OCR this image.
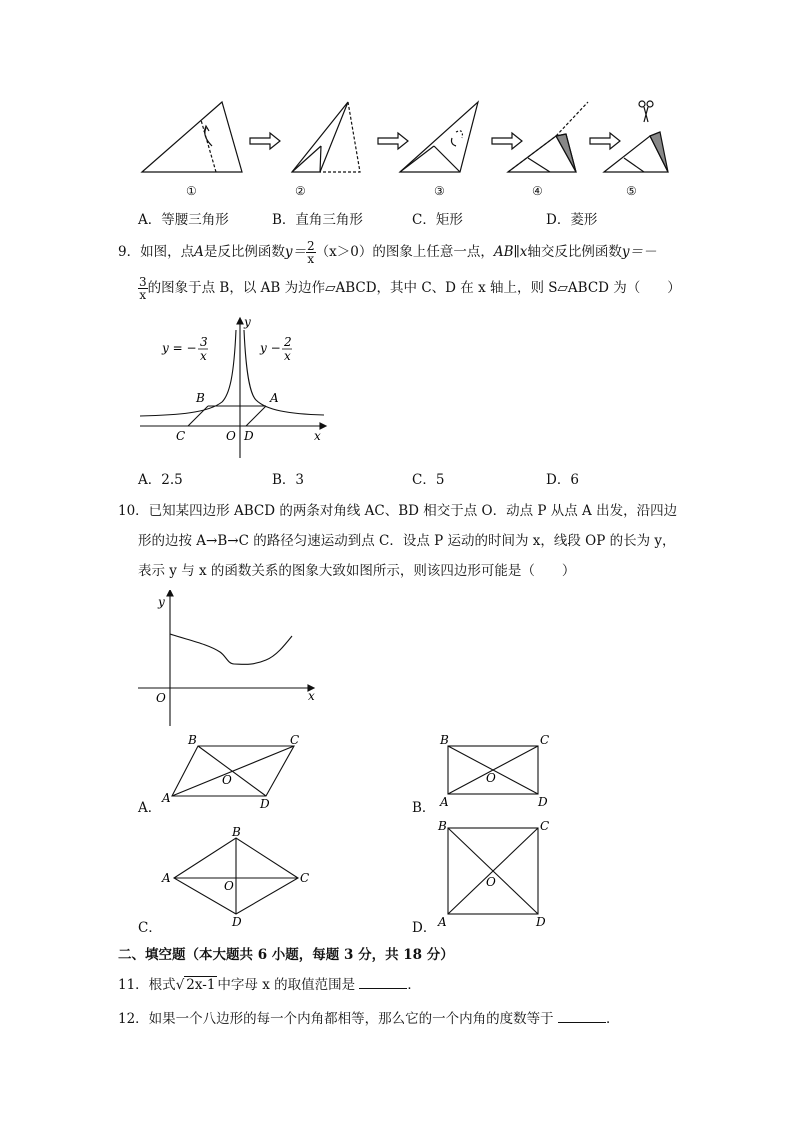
①	②	③	④	⑤
A．等腰三角形	B．直角三角形	C．矩形	D．菱形
9．如图，点A是反比例函数$y= \frac{2}{x} (x>0)$的图象上任意一点，AB∥x轴交反比例函数y＝－
$\frac{3}{x}$ 的图象于点 B，以 AB 为边作▱ABCD，其中 C、D 在 x 轴上，则 S▱ABCD 为（　　）
y = − 3
x
y − 2
x
y
x
B	A
C	O D
A．2.5	B．3	C．5	D．6
10．已知某四边形 ABCD 的两条对角线 AC、BD 相交于点 O．动点 P 从点 A 出发，沿四边
形的边按 A→B→C 的路径匀速运动到点 C．设点 P 运动的时间为 x，线段 OP 的长为 y，
表示 y 与 x 的函数关系的图象大致如图所示，则该四边形可能是（　　）
y
x
O
B	C
A	D
O
A．
B	C
A	D
O
B．
B
A	C
D
O
C．
B	C
A	D
O
D．
二、填空题（本大题共 6 小题，每题 3 分，共 18 分）
11．根式√ 2x-1 中字母 x 的取值范围是	．
12．如果一个八边形的每一个内角都相等，那么它的一个内角的度数等于	．
